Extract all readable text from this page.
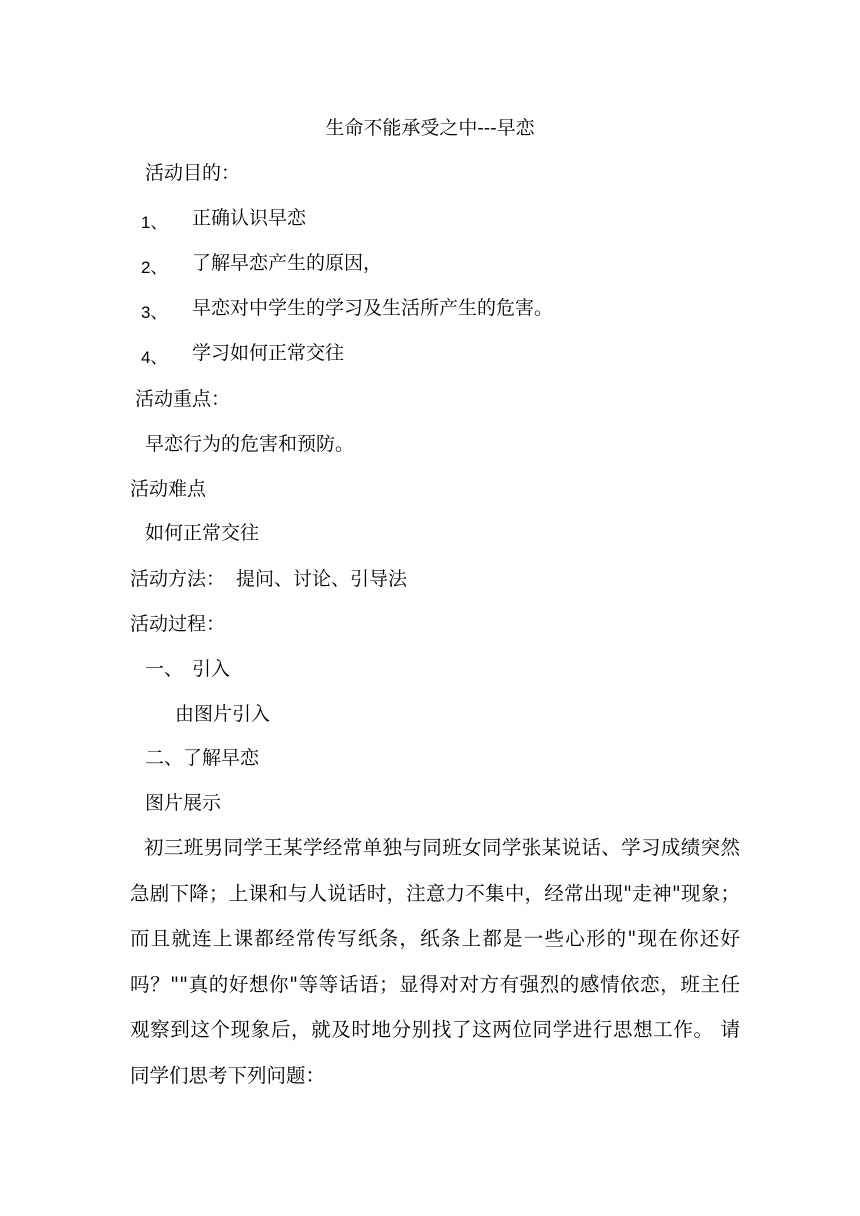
生命不能承受之中---早恋
活动目的：
1、 正确认识早恋
2、 了解早恋产生的原因，
3、 早恋对中学生的学习及生活所产生的危害。
4、 学习如何正常交往
活动重点：
早恋行为的危害和预防。
活动难点
如何正常交往
活动方法： 提问、讨论、引导法
活动过程：
一、 引入
由图片引入
二、了解早恋
图片展示
初三班男同学王某学经常单独与同班女同学张某说话、学习成绩突然急剧下降；上课和与人说话时，注意力不集中，经常出现"走神"现象；而且就连上课都经常传写纸条，纸条上都是一些心形的"现在你还好吗？""真的好想你"等等话语；显得对对方有强烈的感情依恋，班主任观察到这个现象后，就及时地分别找了这两位同学进行思想工作。 请同学们思考下列问题：
